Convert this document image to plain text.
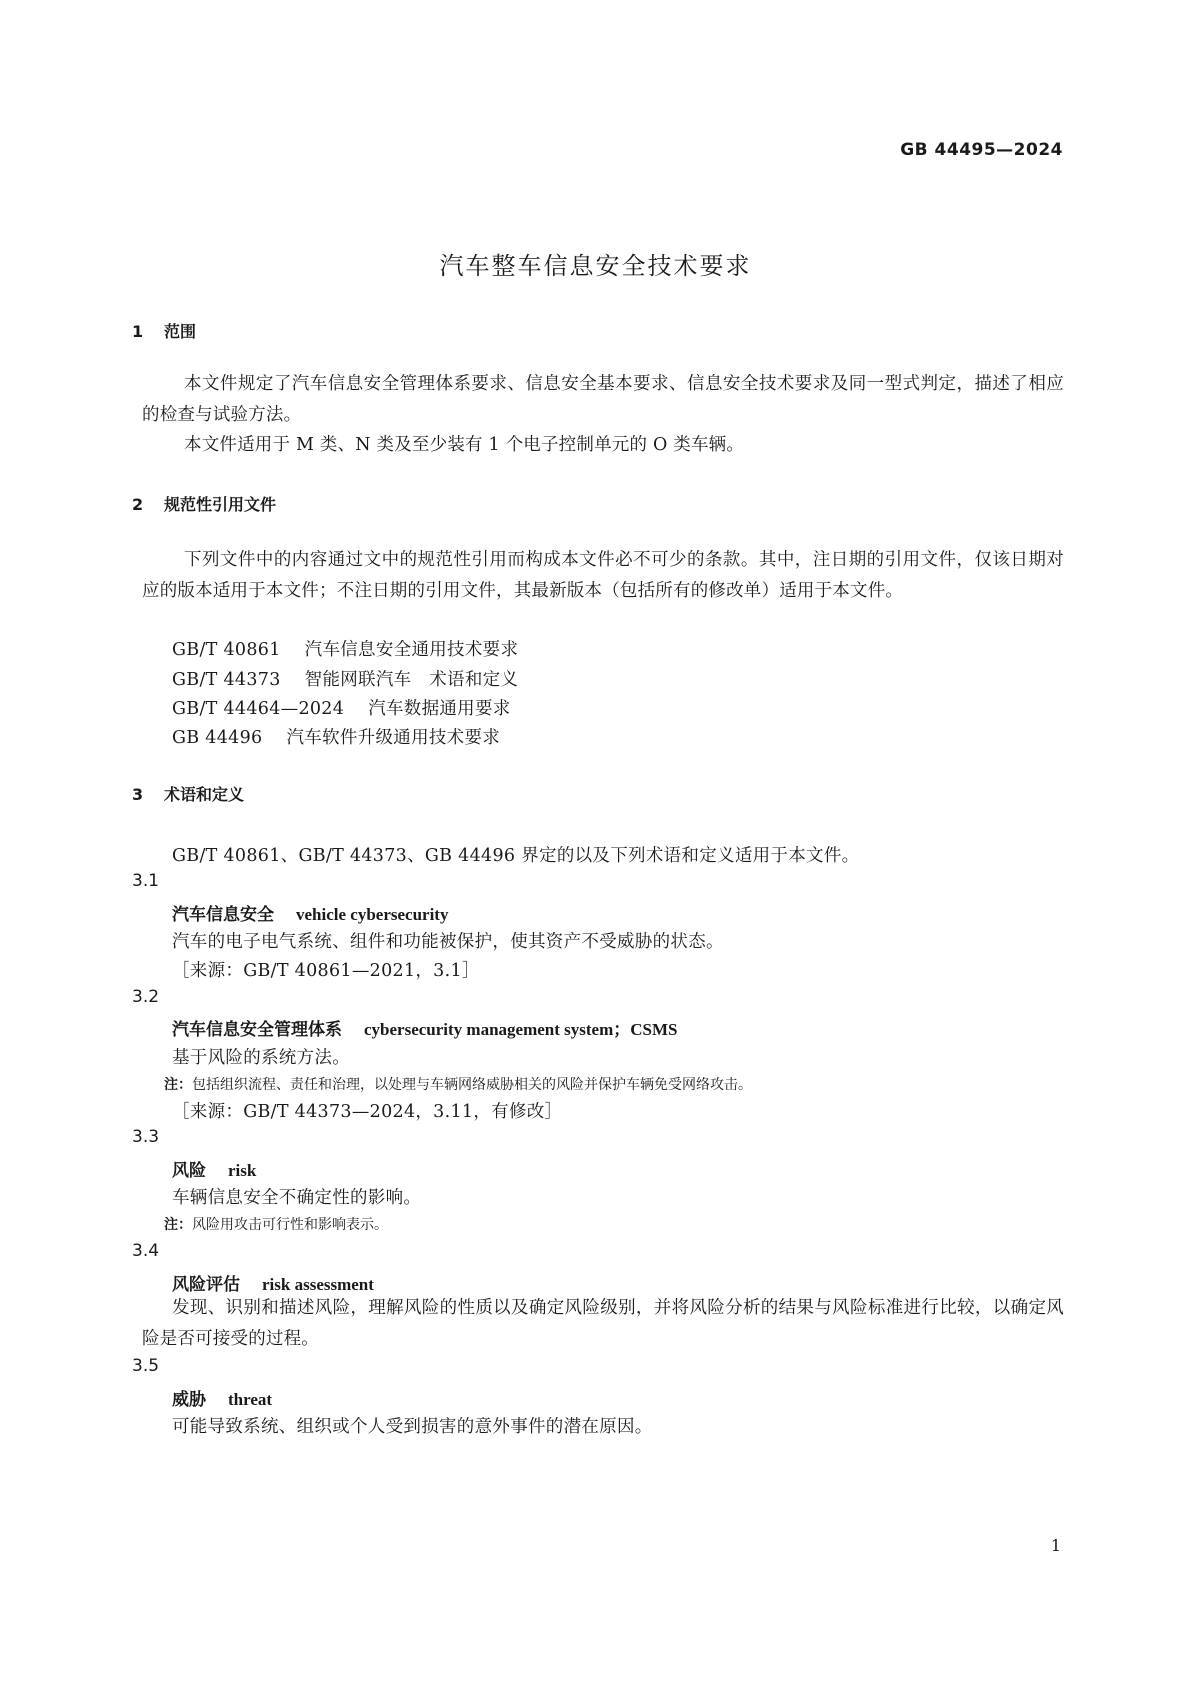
GB 44495—2024
汽车整车信息安全技术要求
1 范围
本文件规定了汽车信息安全管理体系要求、信息安全基本要求、信息安全技术要求及同一型式判定，描述了相应的检查与试验方法。
本文件适用于 M 类、N 类及至少装有 1 个电子控制单元的 O 类车辆。
2 规范性引用文件
下列文件中的内容通过文中的规范性引用而构成本文件必不可少的条款。其中，注日期的引用文件，仅该日期对应的版本适用于本文件；不注日期的引用文件，其最新版本（包括所有的修改单）适用于本文件。
GB/T 40861 汽车信息安全通用技术要求
GB/T 44373 智能网联汽车　术语和定义
GB/T 44464—2024 汽车数据通用要求
GB 44496 汽车软件升级通用技术要求
3 术语和定义
GB/T 40861、GB/T 44373、GB 44496 界定的以及下列术语和定义适用于本文件。
3.1
汽车信息安全 vehicle cybersecurity
汽车的电子电气系统、组件和功能被保护，使其资产不受威胁的状态。
［来源：GB/T 40861—2021，3.1］
3.2
汽车信息安全管理体系 cybersecurity management system；CSMS
基于风险的系统方法。
注：包括组织流程、责任和治理，以处理与车辆网络威胁相关的风险并保护车辆免受网络攻击。
［来源：GB/T 44373—2024，3.11，有修改］
3.3
风险 risk
车辆信息安全不确定性的影响。
注：风险用攻击可行性和影响表示。
3.4
风险评估 risk assessment
发现、识别和描述风险，理解风险的性质以及确定风险级别，并将风险分析的结果与风险标准进行比较，以确定风险是否可接受的过程。
3.5
威胁 threat
可能导致系统、组织或个人受到损害的意外事件的潜在原因。
1
